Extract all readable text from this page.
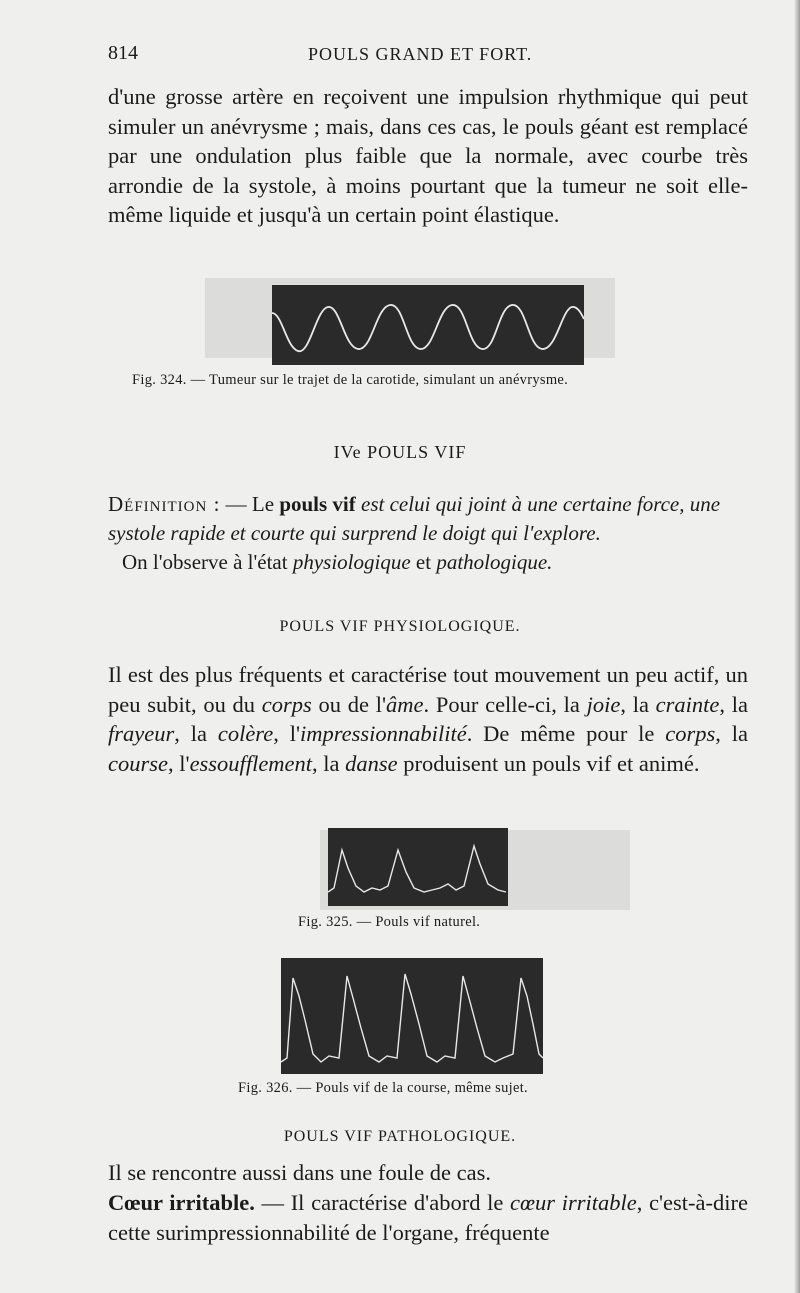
814	POULS GRAND ET FORT.

d'une grosse artère en reçoivent une impulsion rhythmique qui peut simuler un anévrysme ; mais, dans ces cas, le pouls géant est remplacé par une ondulation plus faible que la normale, avec courbe très arrondie de la systole, à moins pourtant que la tumeur ne soit elle-même liquide et jusqu'à un certain point élastique.

Fig. 324. — Tumeur sur le trajet de la carotide, simulant un anévrysme.
IVe POULS VIF
Définition : — Le pouls vif est celui qui joint à une certaine force, une systole rapide et courte qui surprend le doigt qui l'explore.
On l'observe à l'état physiologique et pathologique.
POULS VIF PHYSIOLOGIQUE.

Il est des plus fréquents et caractérise tout mouvement un peu actif, un peu subit, ou du corps ou de l'âme. Pour celle-ci, la joie, la crainte, la frayeur, la colère, l'impressionnabilité. De même pour le corps, la course, l'essoufflement, la danse produisent un pouls vif et animé.

Fig. 325. — Pouls vif naturel.
Fig. 326. — Pouls vif de la course, même sujet.
POULS VIF PATHOLOGIQUE.

Il se rencontre aussi dans une foule de cas.

Cœur irritable. — Il caractérise d'abord le cœur irritable, c'est-à-dire cette surimpressionnabilité de l'organe, fréquente
